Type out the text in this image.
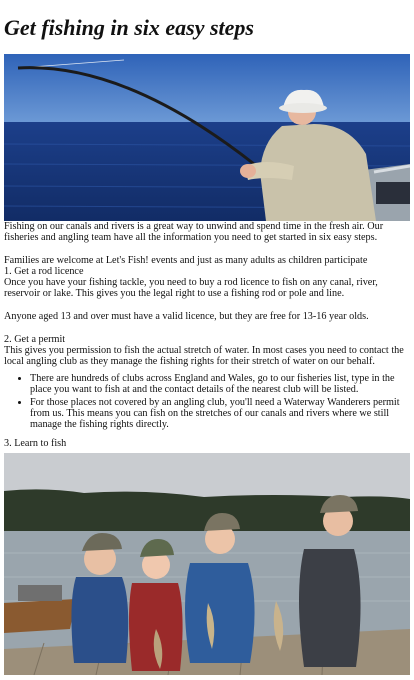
Get fishing in six easy steps

Fishing on our canals and rivers is a great way to unwind and spend time in the fresh air. Our fisheries and angling team have all the information you need to get started in six easy steps.

Families are welcome at Let's Fish! events and just as many adults as children participate

1. Get a rod licence

Once you have your fishing tackle, you need to buy a rod licence to fish on any canal, river, reservoir or lake. This gives you the legal right to use a fishing rod or pole and line.

Anyone aged 13 and over must have a valid licence, but they are free for 13-16 year olds.

2. Get a permit

This gives you permission to fish the actual stretch of water. In most cases you need to contact the local angling club as they manage the fishing rights for their stretch of water on our behalf.

• There are hundreds of clubs across England and Wales, go to our fisheries list, type in the place you want to fish at and the contact details of the nearest club will be listed.
• For those places not covered by an angling club, you'll need a Waterway Wanderers permit from us. This means you can fish on the stretches of our canals and rivers where we still manage the fishing rights directly.

3. Learn to fish
